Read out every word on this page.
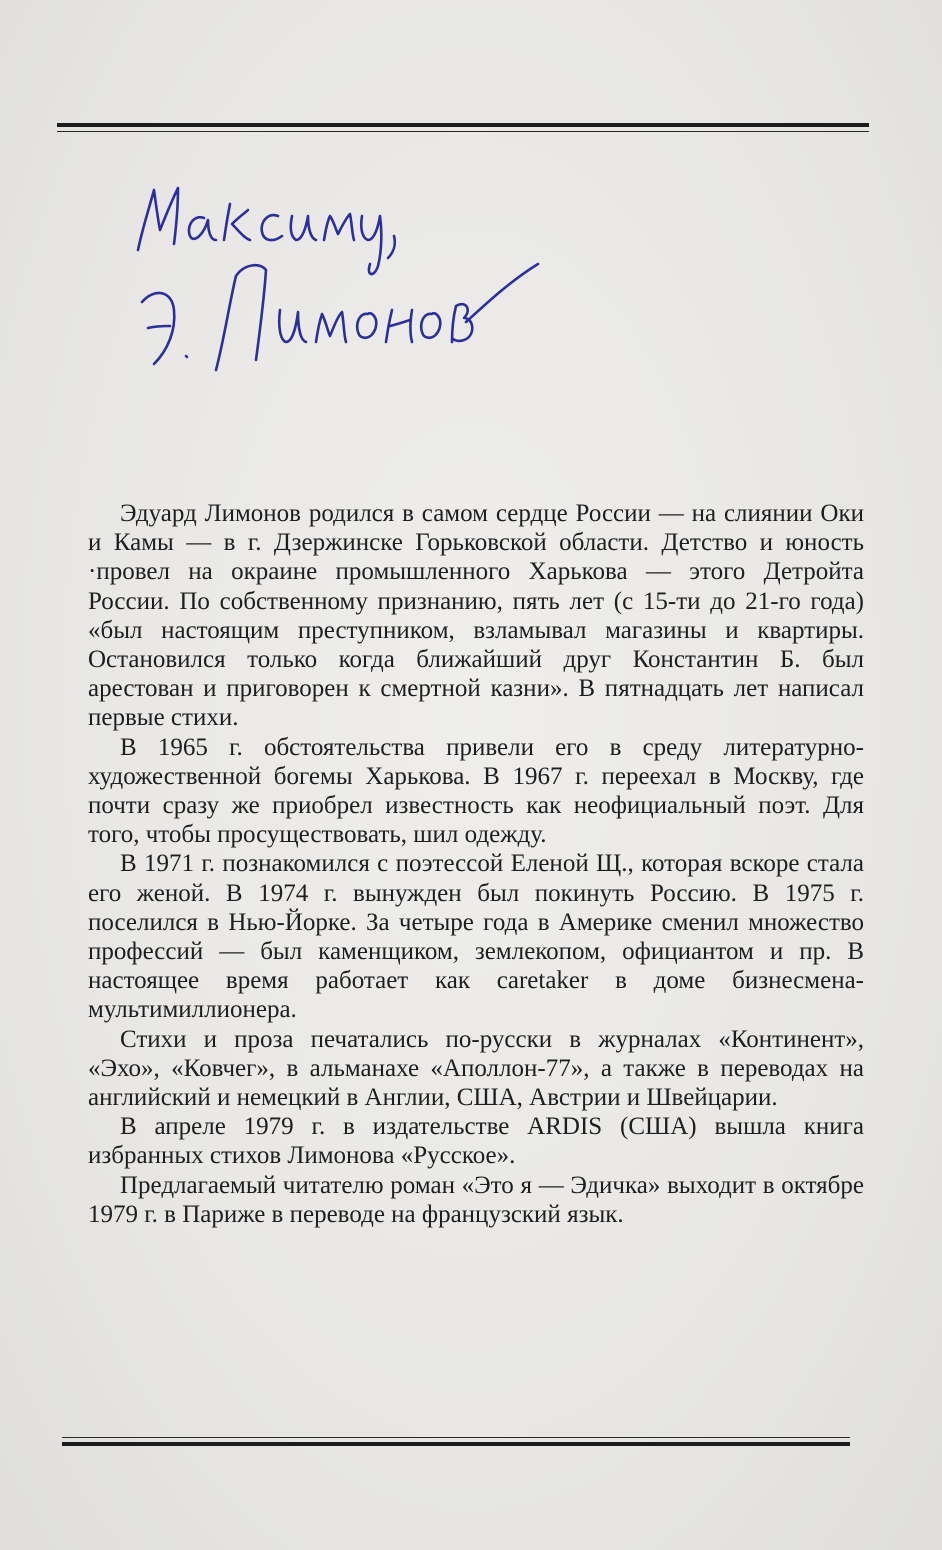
Эдуард Лимонов родился в самом сердце России — на слиянии Оки и Камы — в г. Дзержинске Горьковской области. Детство и юность ·провел на окраине промышленного Харькова — этого Детройта России. По собственному признанию, пять лет (с 15-ти до 21-го года) «был настоящим преступником, взламывал магазины и квартиры. Остановился только когда ближайший друг Константин Б. был арестован и приговорен к смертной казни». В пятнадцать лет написал первые стихи.

В 1965 г. обстоятельства привели его в среду литературно-художественной богемы Харькова. В 1967 г. переехал в Москву, где почти сразу же приобрел известность как неофициальный поэт. Для того, чтобы просуществовать, шил одежду.

В 1971 г. познакомился с поэтессой Еленой Щ., которая вскоре стала его женой. В 1974 г. вынужден был покинуть Россию. В 1975 г. поселился в Нью-Йорке. За четыре года в Америке сменил множество профессий — был каменщиком, землекопом, официантом и пр. В настоящее время работает как caretaker в доме бизнесмена-мультимиллионера.

Стихи и проза печатались по-русски в журналах «Континент», «Эхо», «Ковчег», в альманахе «Аполлон-77», а также в переводах на английский и немецкий в Англии, США, Австрии и Швейцарии.

В апреле 1979 г. в издательстве ARDIS (США) вышла книга избранных стихов Лимонова «Русское».

Предлагаемый читателю роман «Это я — Эдичка» выходит в октябре 1979 г. в Париже в переводе на французский язык.
